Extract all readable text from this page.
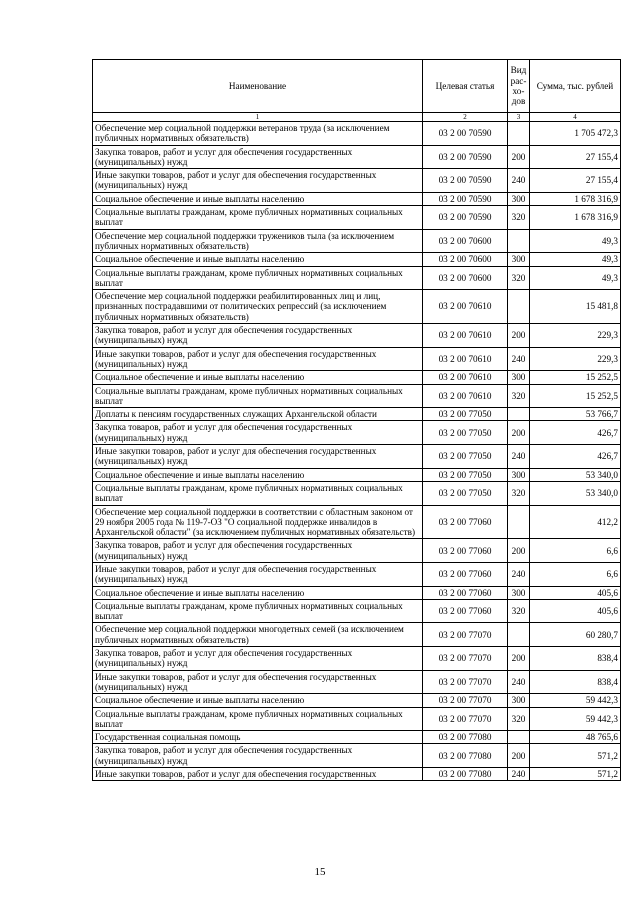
Наименование	Целевая статья	Вид рас-хо-дов	Сумма, тыс. рублей
1	2	3	4
Обеспечение мер социальной поддержки ветеранов труда (за исключением публичных нормативных обязательств)	03 2 00 70590		1 705 472,3
Закупка товаров, работ и услуг для обеспечения государственных (муниципальных) нужд	03 2 00 70590	200	27 155,4
Иные закупки товаров, работ и услуг для обеспечения государственных (муниципальных) нужд	03 2 00 70590	240	27 155,4
Социальное обеспечение и иные выплаты населению	03 2 00 70590	300	1 678 316,9
Социальные выплаты гражданам, кроме публичных нормативных социальных выплат	03 2 00 70590	320	1 678 316,9
Обеспечение мер социальной поддержки тружеников тыла (за исключением публичных нормативных обязательств)	03 2 00 70600		49,3
Социальное обеспечение и иные выплаты населению	03 2 00 70600	300	49,3
Социальные выплаты гражданам, кроме публичных нормативных социальных выплат	03 2 00 70600	320	49,3
Обеспечение мер социальной поддержки реабилитированных лиц и лиц, признанных пострадавшими от политических репрессий (за исключением публичных нормативных обязательств)	03 2 00 70610		15 481,8
Закупка товаров, работ и услуг для обеспечения государственных (муниципальных) нужд	03 2 00 70610	200	229,3
Иные закупки товаров, работ и услуг для обеспечения государственных (муниципальных) нужд	03 2 00 70610	240	229,3
Социальное обеспечение и иные выплаты населению	03 2 00 70610	300	15 252,5
Социальные выплаты гражданам, кроме публичных нормативных социальных выплат	03 2 00 70610	320	15 252,5
Доплаты к пенсиям государственных служащих Архангельской области	03 2 00 77050		53 766,7
Закупка товаров, работ и услуг для обеспечения государственных (муниципальных) нужд	03 2 00 77050	200	426,7
Иные закупки товаров, работ и услуг для обеспечения государственных (муниципальных) нужд	03 2 00 77050	240	426,7
Социальное обеспечение и иные выплаты населению	03 2 00 77050	300	53 340,0
Социальные выплаты гражданам, кроме публичных нормативных социальных выплат	03 2 00 77050	320	53 340,0
Обеспечение мер социальной поддержки в соответствии с областным законом от 29 ноября 2005 года № 119-7-ОЗ "О социальной поддержке инвалидов в Архангельской области" (за исключением публичных нормативных обязательств)	03 2 00 77060		412,2
Закупка товаров, работ и услуг для обеспечения государственных (муниципальных) нужд	03 2 00 77060	200	6,6
Иные закупки товаров, работ и услуг для обеспечения государственных (муниципальных) нужд	03 2 00 77060	240	6,6
Социальное обеспечение и иные выплаты населению	03 2 00 77060	300	405,6
Социальные выплаты гражданам, кроме публичных нормативных социальных выплат	03 2 00 77060	320	405,6
Обеспечение мер социальной поддержки многодетных семей (за исключением публичных нормативных обязательств)	03 2 00 77070		60 280,7
Закупка товаров, работ и услуг для обеспечения государственных (муниципальных) нужд	03 2 00 77070	200	838,4
Иные закупки товаров, работ и услуг для обеспечения государственных (муниципальных) нужд	03 2 00 77070	240	838,4
Социальное обеспечение и иные выплаты населению	03 2 00 77070	300	59 442,3
Социальные выплаты гражданам, кроме публичных нормативных социальных выплат	03 2 00 77070	320	59 442,3
Государственная социальная помощь	03 2 00 77080		48 765,6
Закупка товаров, работ и услуг для обеспечения государственных (муниципальных) нужд	03 2 00 77080	200	571,2
Иные закупки товаров, работ и услуг для обеспечения государственных	03 2 00 77080	240	571,2
15
